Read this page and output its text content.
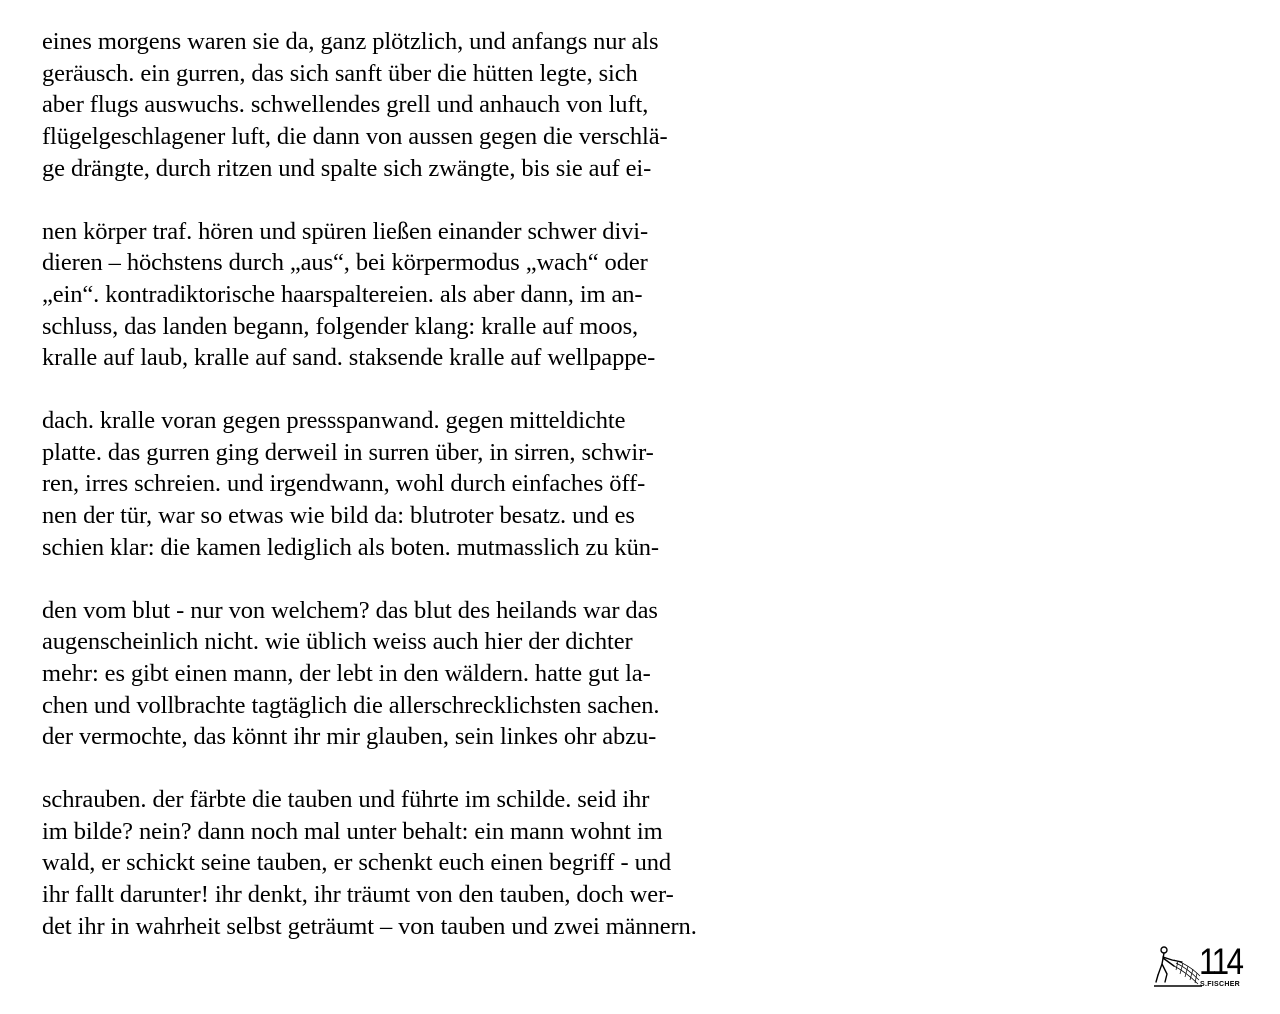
eines morgens waren sie da, ganz plötzlich, und anfangs nur als
geräusch. ein gurren, das sich sanft über die hütten legte, sich
aber flugs auswuchs. schwellendes grell und anhauch von luft,
flügelgeschlagener luft, die dann von aussen gegen die verschlä-
ge drängte, durch ritzen und spalte sich zwängte, bis sie auf ei-
nen körper traf. hören und spüren ließen einander schwer divi-
dieren – höchstens durch „aus“, bei körpermodus „wach“ oder
„ein“. kontradiktorische haarspaltereien. als aber dann, im an-
schluss, das landen begann, folgender klang: kralle auf moos,
kralle auf laub, kralle auf sand. staksende kralle auf wellpappe-
dach. kralle voran gegen pressspanwand. gegen mitteldichte
platte. das gurren ging derweil in surren über, in sirren, schwir-
ren, irres schreien. und irgendwann, wohl durch einfaches öff-
nen der tür, war so etwas wie bild da: blutroter besatz. und es
schien klar: die kamen lediglich als boten. mutmasslich zu kün-
den vom blut - nur von welchem? das blut des heilands war das
augenscheinlich nicht. wie üblich weiss auch hier der dichter
mehr: es gibt einen mann, der lebt in den wäldern. hatte gut la-
chen und vollbrachte tagtäglich die allerschrecklichsten sachen.
der vermochte, das könnt ihr mir glauben, sein linkes ohr abzu-
schrauben. der färbte die tauben und führte im schilde. seid ihr
im bilde? nein? dann noch mal unter behalt: ein mann wohnt im
wald, er schickt seine tauben, er schenkt euch einen begriff - und
ihr fallt darunter! ihr denkt, ihr träumt von den tauben, doch wer-
det ihr in wahrheit selbst geträumt – von tauben und zwei männern.
114
S.FISCHER
